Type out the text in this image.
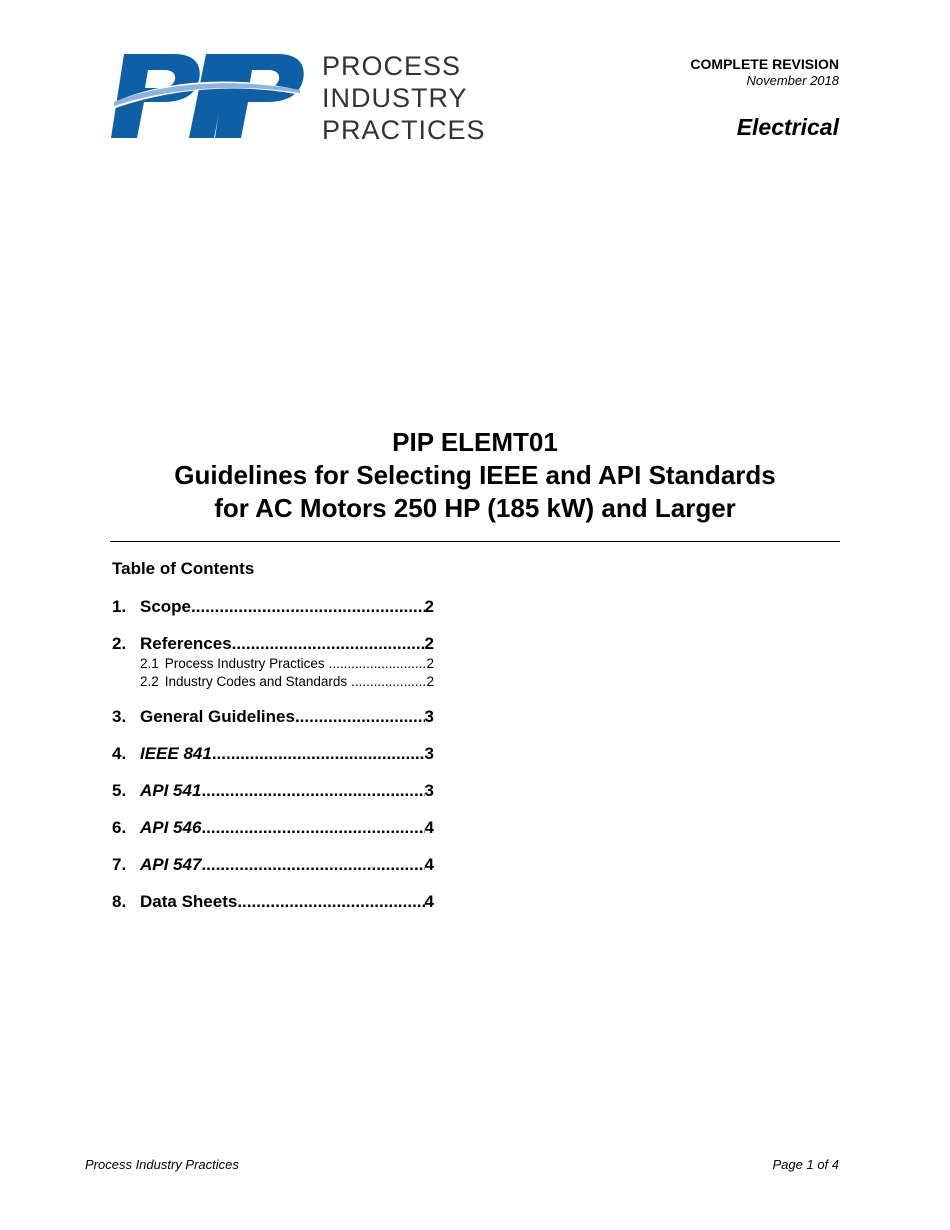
PIP	PROCESS
INDUSTRY
PRACTICES
COMPLETE REVISION
November 2018
Electrical
PIP ELEMT01
Guidelines for Selecting IEEE and API Standards
for AC Motors 250 HP (185 kW) and Larger
Table of Contents
1. Scope .....	2
2. References .....	2
2.1 Process Industry Practices .....	2
2.2 Industry Codes and Standards .....	2
3. General Guidelines .....	3
4. IEEE 841 .....	3
5. API 541 .....	3
6. API 546 .....	4
7. API 547 .....	4
8. Data Sheets .....	4
Process Industry Practices	Page 1 of 4
